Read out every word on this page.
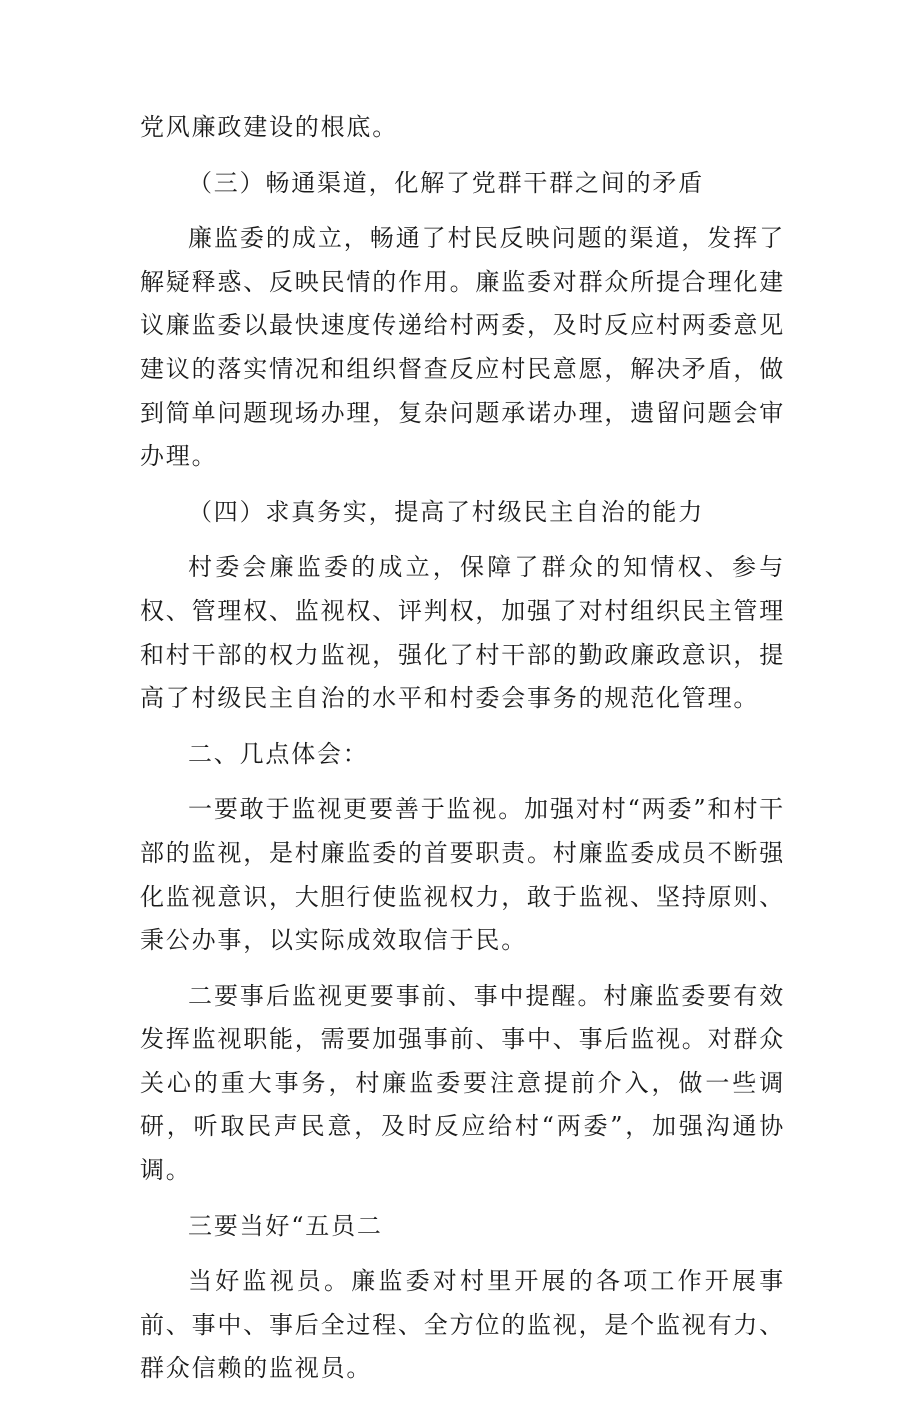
党风廉政建设的根底。

（三）畅通渠道，化解了党群干群之间的矛盾

廉监委的成立，畅通了村民反映问题的渠道，发挥了解疑释惑、反映民情的作用。廉监委对群众所提合理化建议廉监委以最快速度传递给村两委，及时反应村两委意见建议的落实情况和组织督查反应村民意愿，解决矛盾，做到简单问题现场办理，复杂问题承诺办理，遗留问题会审办理。

（四）求真务实，提高了村级民主自治的能力

村委会廉监委的成立，保障了群众的知情权、参与权、管理权、监视权、评判权，加强了对村组织民主管理和村干部的权力监视，强化了村干部的勤政廉政意识，提高了村级民主自治的水平和村委会事务的规范化管理。

二、几点体会：

一要敢于监视更要善于监视。加强对村“两委”和村干部的监视，是村廉监委的首要职责。村廉监委成员不断强化监视意识，大胆行使监视权力，敢于监视、坚持原则、秉公办事，以实际成效取信于民。

二要事后监视更要事前、事中提醒。村廉监委要有效发挥监视职能，需要加强事前、事中、事后监视。对群众关心的重大事务，村廉监委要注意提前介入，做一些调研，听取民声民意，及时反应给村“两委”，加强沟通协调。

三要当好“五员二

当好监视员。廉监委对村里开展的各项工作开展事前、事中、事后全过程、全方位的监视，是个监视有力、群众信赖的监视员。
